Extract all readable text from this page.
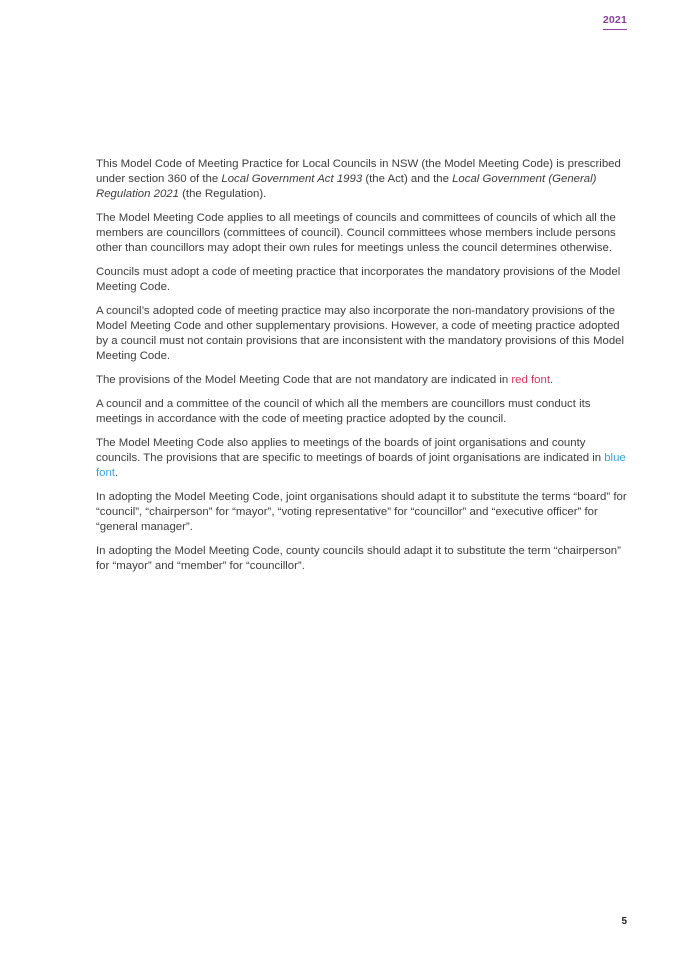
2021

This Model Code of Meeting Practice for Local Councils in NSW (the Model Meeting Code) is prescribed under section 360 of the Local Government Act 1993 (the Act) and the Local Government (General) Regulation 2021 (the Regulation).

The Model Meeting Code applies to all meetings of councils and committees of councils of which all the members are councillors (committees of council). Council committees whose members include persons other than councillors may adopt their own rules for meetings unless the council determines otherwise.

Councils must adopt a code of meeting practice that incorporates the mandatory provisions of the Model Meeting Code.

A council’s adopted code of meeting practice may also incorporate the non-mandatory provisions of the Model Meeting Code and other supplementary provisions. However, a code of meeting practice adopted by a council must not contain provisions that are inconsistent with the mandatory provisions of this Model Meeting Code.

The provisions of the Model Meeting Code that are not mandatory are indicated in red font.

A council and a committee of the council of which all the members are councillors must conduct its meetings in accordance with the code of meeting practice adopted by the council.

The Model Meeting Code also applies to meetings of the boards of joint organisations and county councils. The provisions that are specific to meetings of boards of joint organisations are indicated in blue font.

In adopting the Model Meeting Code, joint organisations should adapt it to substitute the terms “board” for “council”, “chairperson” for “mayor”, “voting representative” for “councillor” and “executive officer” for “general manager”.

In adopting the Model Meeting Code, county councils should adapt it to substitute the term “chairperson” for “mayor” and “member” for “councillor”.

5
